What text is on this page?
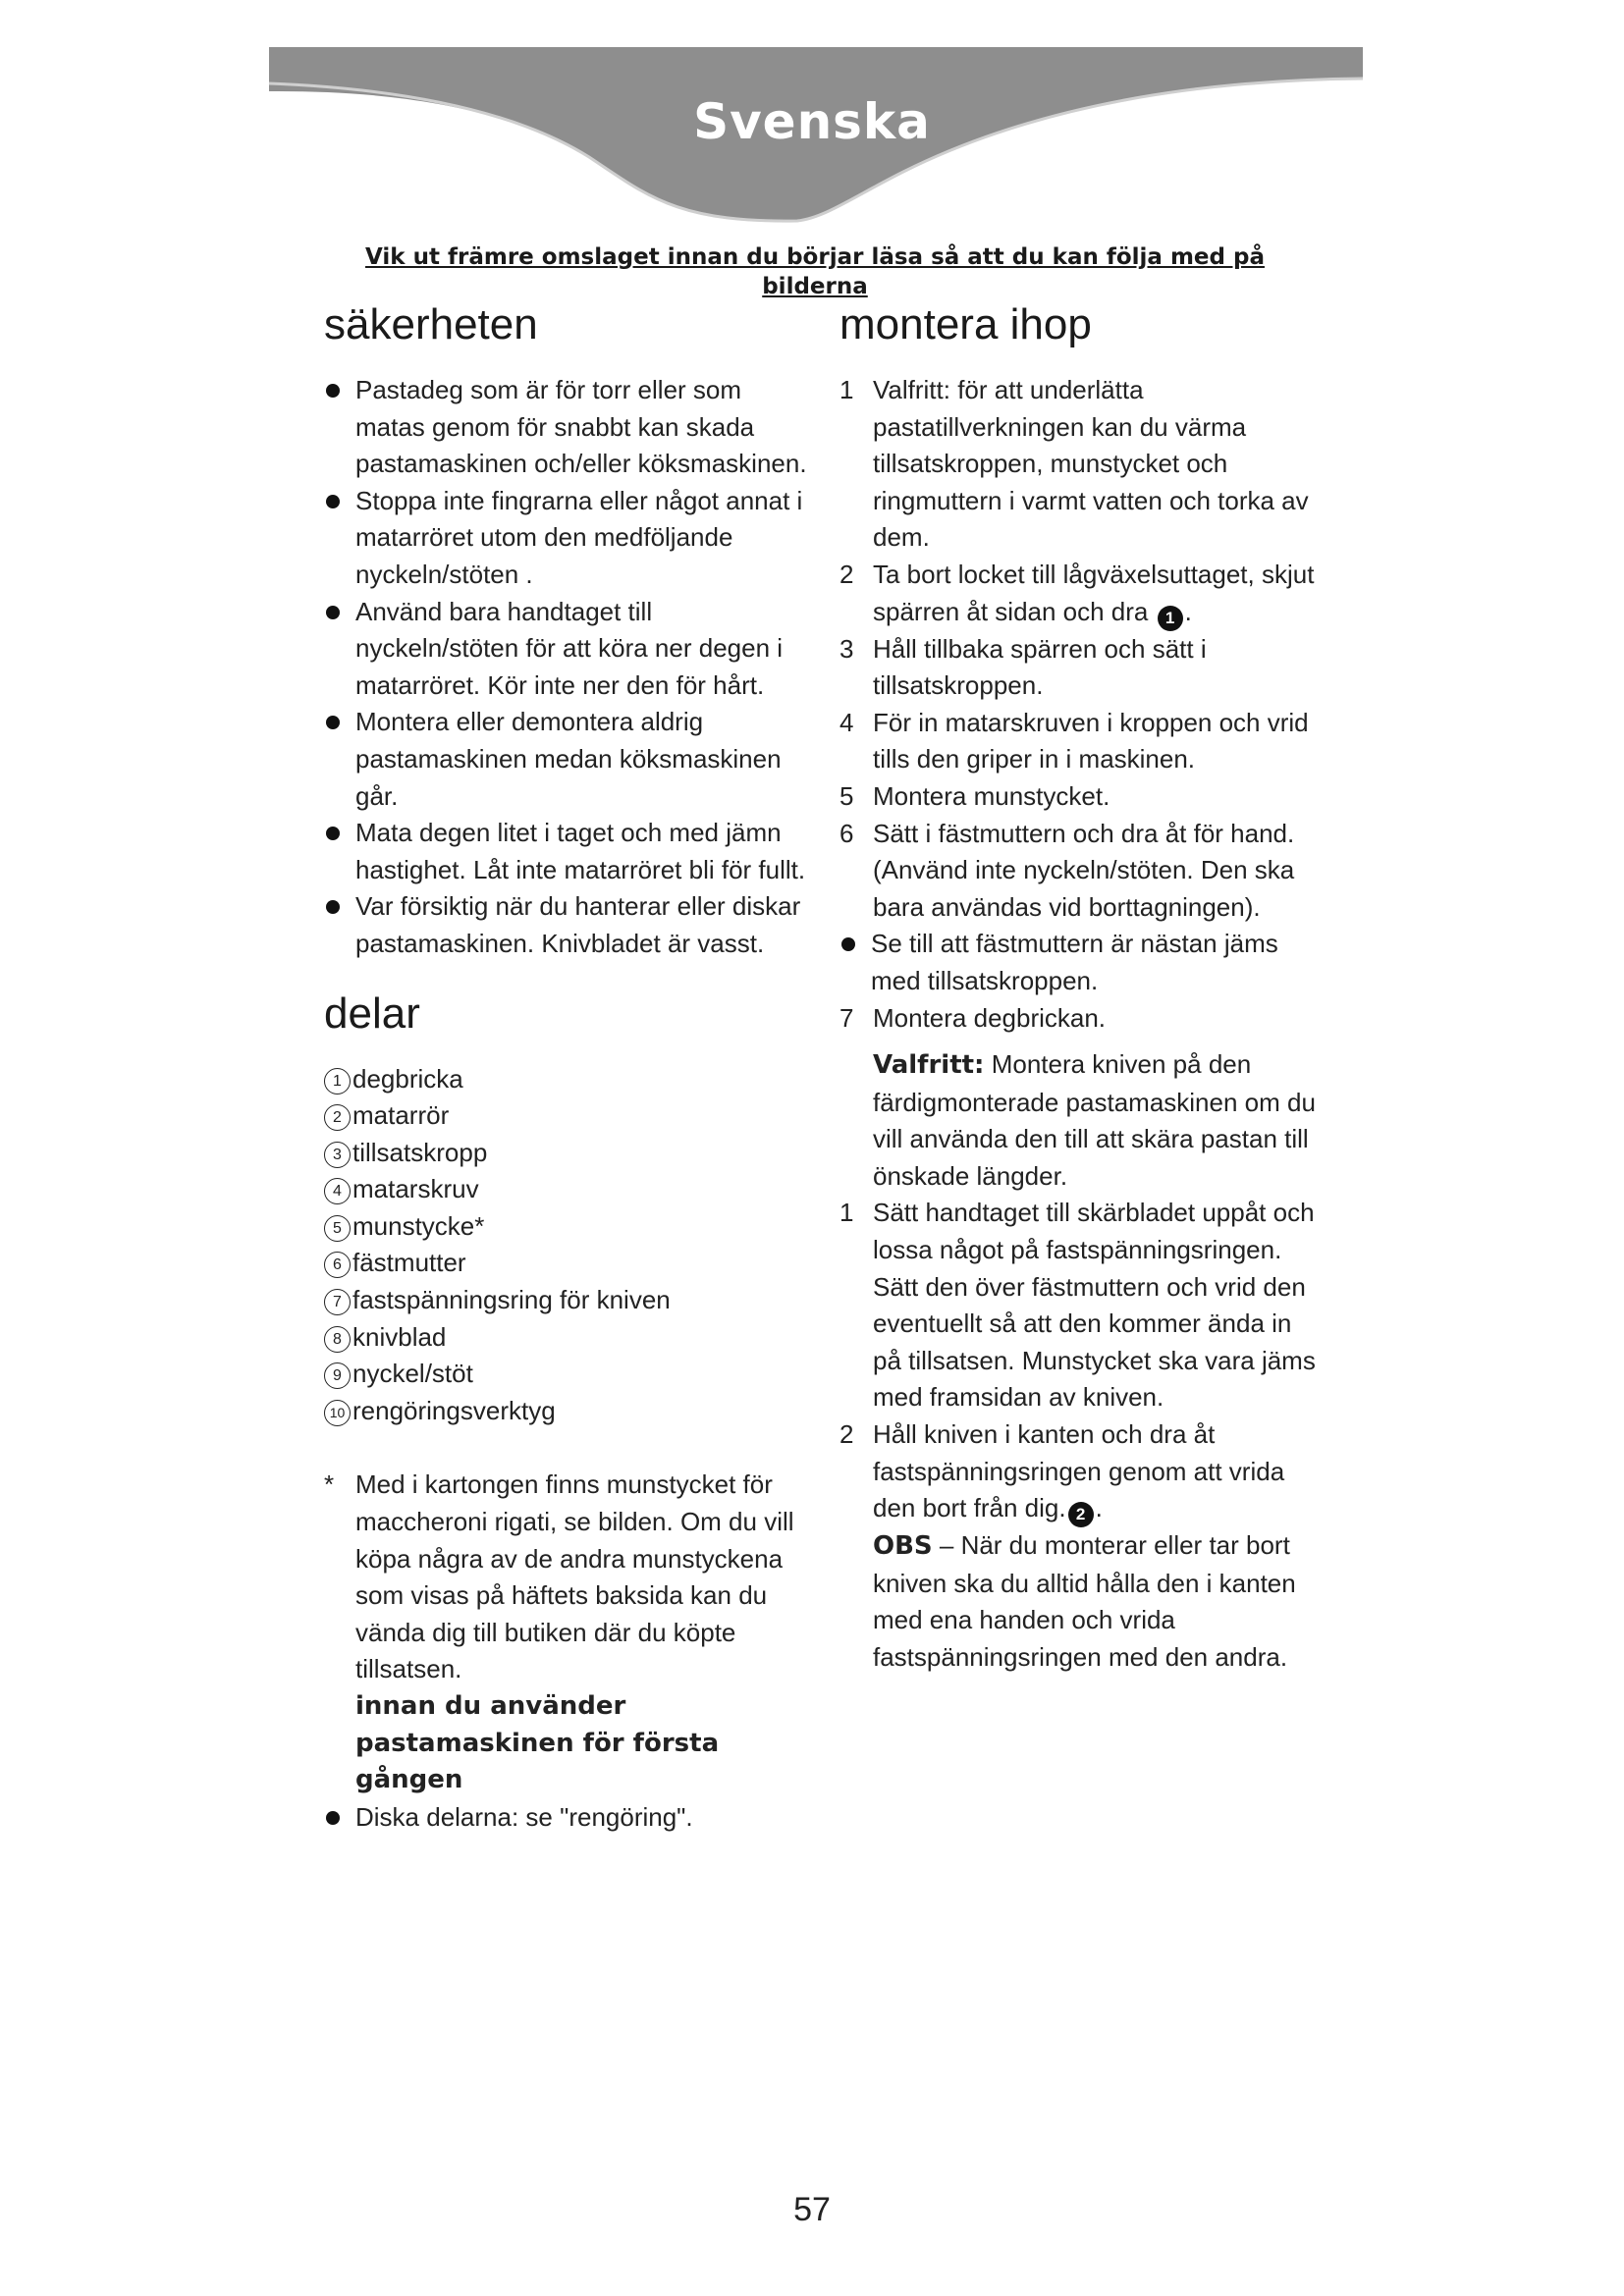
Svenska
Vik ut främre omslaget innan du börjar läsa så att du kan följa med på bilderna
säkerheten
Pastadeg som är för torr eller som matas genom för snabbt kan skada pastamaskinen och/eller köksmaskinen.
Stoppa inte fingrarna eller något annat i matarröret utom den medföljande nyckeln/stöten .
Använd bara handtaget till nyckeln/stöten för att köra ner degen i matarröret. Kör inte ner den för hårt.
Montera eller demontera aldrig pastamaskinen medan köksmaskinen går.
Mata degen litet i taget och med jämn hastighet. Låt inte matarröret bli för fullt.
Var försiktig när du hanterar eller diskar pastamaskinen. Knivbladet är vasst.
delar
1 degbricka
2 matarrör
3 tillsatskropp
4 matarskruv
5 munstycke*
6 fästmutter
7 fastspänningsring för kniven
8 knivblad
9 nyckel/stöt
10 rengöringsverktyg
* Med i kartongen finns munstycket för maccheroni rigati, se bilden. Om du vill köpa några av de andra munstyckena som visas på häftets baksida kan du vända dig till butiken där du köpte tillsatsen.
innan du använder pastamaskinen för första gången
Diska delarna: se "rengöring".
montera ihop
1 Valfritt: för att underlätta pastatillverkningen kan du värma tillsatskroppen, munstycket och ringmuttern i varmt vatten och torka av dem.
2 Ta bort locket till lågväxelsuttaget, skjut spärren åt sidan och dra 1 .
3 Håll tillbaka spärren och sätt i tillsatskroppen.
4 För in matarskruven i kroppen och vrid tills den griper in i maskinen.
5 Montera munstycket.
6 Sätt i fästmuttern och dra åt för hand. (Använd inte nyckeln/stöten. Den ska bara användas vid borttagningen).
Se till att fästmuttern är nästan jäms med tillsatskroppen.
7 Montera degbrickan.
Valfritt: Montera kniven på den färdigmonterade pastamaskinen om du vill använda den till att skära pastan till önskade längder.
1 Sätt handtaget till skärbladet uppåt och lossa något på fastspänningsringen. Sätt den över fästmuttern och vrid den eventuellt så att den kommer ända in på tillsatsen. Munstycket ska vara jäms med framsidan av kniven.
2 Håll kniven i kanten och dra åt fastspänningsringen genom att vrida den bort från dig. 2 .
OBS – När du monterar eller tar bort kniven ska du alltid hålla den i kanten med ena handen och vrida fastspänningsringen med den andra.
57
